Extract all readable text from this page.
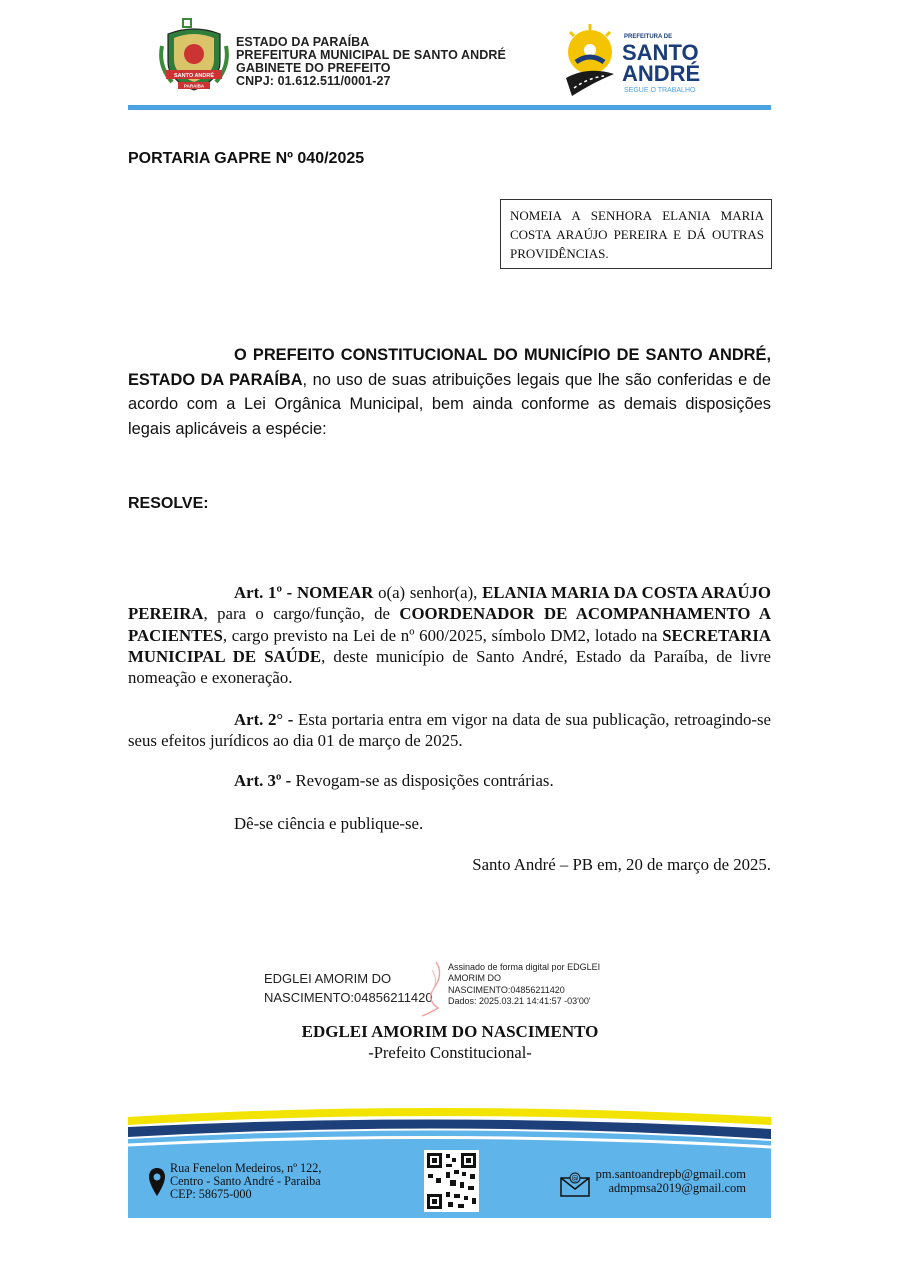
SANTO ANDRÉ
PARAÍBA
ESTADO DA PARAÍBA
PREFEITURA MUNICIPAL DE SANTO ANDRÉ
GABINETE DO PREFEITO
CNPJ: 01.612.511/0001-27
PREFEITURA DE
SANTO
ANDRÉ
SEGUE O TRABALHO
PORTARIA GAPRE Nº 040/2025
NOMEIA A SENHORA ELANIA MARIA COSTA ARAÚJO PEREIRA E DÁ OUTRAS PROVIDÊNCIAS.
O PREFEITO CONSTITUCIONAL DO MUNICÍPIO DE SANTO ANDRÉ, ESTADO DA PARAÍBA, no uso de suas atribuições legais que lhe são conferidas e de acordo com a Lei Orgânica Municipal, bem ainda conforme as demais disposições legais aplicáveis a espécie:
RESOLVE:
Art. 1º - NOMEAR o(a) senhor(a), ELANIA MARIA DA COSTA ARAÚJO PEREIRA, para o cargo/função, de COORDENADOR DE ACOMPANHAMENTO A PACIENTES, cargo previsto na Lei de nº 600/2025, símbolo DM2, lotado na SECRETARIA MUNICIPAL DE SAÚDE, deste município de Santo André, Estado da Paraíba, de livre nomeação e exoneração.
Art. 2° - Esta portaria entra em vigor na data de sua publicação, retroagindo-se seus efeitos jurídicos ao dia 01 de março de 2025.
Art. 3º - Revogam-se as disposições contrárias.
Dê-se ciência e publique-se.
Santo André – PB em, 20 de março de 2025.
EDGLEI AMORIM DO
NASCIMENTO:04856211420
Assinado de forma digital por EDGLEI
AMORIM DO
NASCIMENTO:04856211420
Dados: 2025.03.21 14:41:57 -03'00'
EDGLEI AMORIM DO NASCIMENTO
-Prefeito Constitucional-
Rua Fenelon Medeiros, nº 122,
Centro - Santo André - Paraiba
CEP: 58675-000
@ pm.santoandrepb@gmail.com
admpmsa2019@gmail.com
